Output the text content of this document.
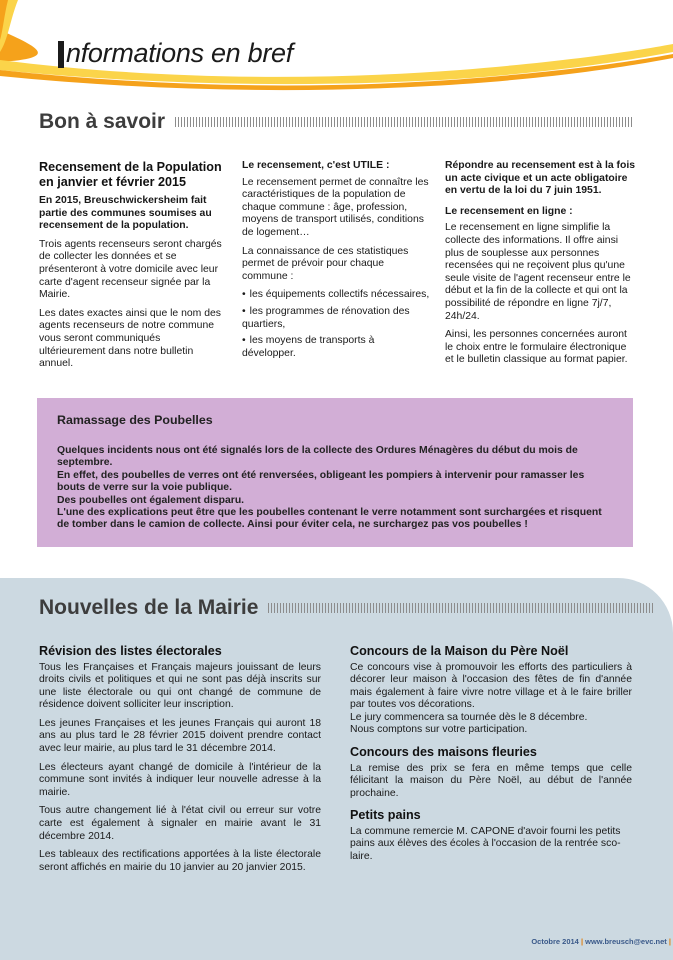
nformations en bref
Bon à savoir
Recensement de la Population en janvier et février 2015

En 2015, Breuschwickersheim fait partie des communes soumises au recensement de la population.

Trois agents recenseurs seront chargés de collecter les données et se présenteront à votre domicile avec leur carte d'agent recenseur signée par la Mairie.

Les dates exactes ainsi que le nom des agents recenseurs de notre commune vous seront communiqués ultérieurement dans notre bulletin annuel.

Le recensement, c'est UTILE :

Le recensement permet de connaître les caractéristiques de la population de chaque commune : âge, profession, moyens de transport utilisés, conditions de logement…

La connaissance de ces statistiques permet de prévoir pour chaque commune :

• les équipements collectifs nécessaires,
• les programmes de rénovation des quartiers,
• les moyens de transports à développer.

Répondre au recensement est à la fois un acte civique et un acte obligatoire en vertu de la loi du 7 juin 1951.

Le recensement en ligne :

Le recensement en ligne simplifie la collecte des informations. Il offre ainsi plus de souplesse aux personnes recensées qui ne reçoivent plus qu'une seule visite de l'agent recenseur entre le début et la fin de la collecte et qui ont la possibilité de répondre en ligne 7j/7, 24h/24.

Ainsi, les personnes concernées auront le choix entre le formulaire électronique et le bulletin classique au format papier.

Ramassage des Poubelles

Quelques incidents nous ont été signalés lors de la collecte des Ordures Ménagères du début du mois de septembre.

En effet, des poubelles de verres ont été renversées, obligeant les pompiers à intervenir pour ramasser les bouts de verre sur la voie publique.

Des poubelles ont également disparu.

L'une des explications peut être que les poubelles contenant le verre notamment sont surchargées et risquent de tomber dans le camion de collecte. Ainsi pour éviter cela, ne surchargez pas vos poubelles !

Nouvelles de la Mairie
Révision des listes électorales

Tous les Françaises et Français majeurs jouissant de leurs droits civils et politiques et qui ne sont pas déjà inscrits sur une liste électorale ou qui ont changé de commune de résidence doivent solliciter leur inscription.

Les jeunes Françaises et les jeunes Français qui auront 18 ans au plus tard le 28 février 2015 doivent prendre contact avec leur mairie, au plus tard le 31 décembre 2014.

Les électeurs ayant changé de domicile à l'intérieur de la commune sont invités à indiquer leur nouvelle adresse à la mairie.

Tous autre changement lié à l'état civil ou erreur sur votre carte est également à signaler en mairie avant le 31 décembre 2014.

Les tableaux des rectifications apportées à la liste électorale seront affichés en mairie du 10 janvier au 20 janvier 2015.

Concours de la Maison du Père Noël

Ce concours vise à promouvoir les efforts des particuliers à décorer leur maison à l'occasion des fêtes de fin d'année mais également à faire vivre notre village et à le faire briller par toutes vos décorations.

Le jury commencera sa tournée dès le 8 décembre.

Nous comptons sur votre participation.

Concours des maisons fleuries

La remise des prix se fera en même temps que celle félicitant la maison du Père Noël, au début de l'année prochaine.

Petits pains

La commune remercie M. CAPONE d'avoir fourni les petits pains aux élèves des écoles à l'occasion de la rentrée sco-laire.

Octobre 2014 | www.breusch@evc.net |
